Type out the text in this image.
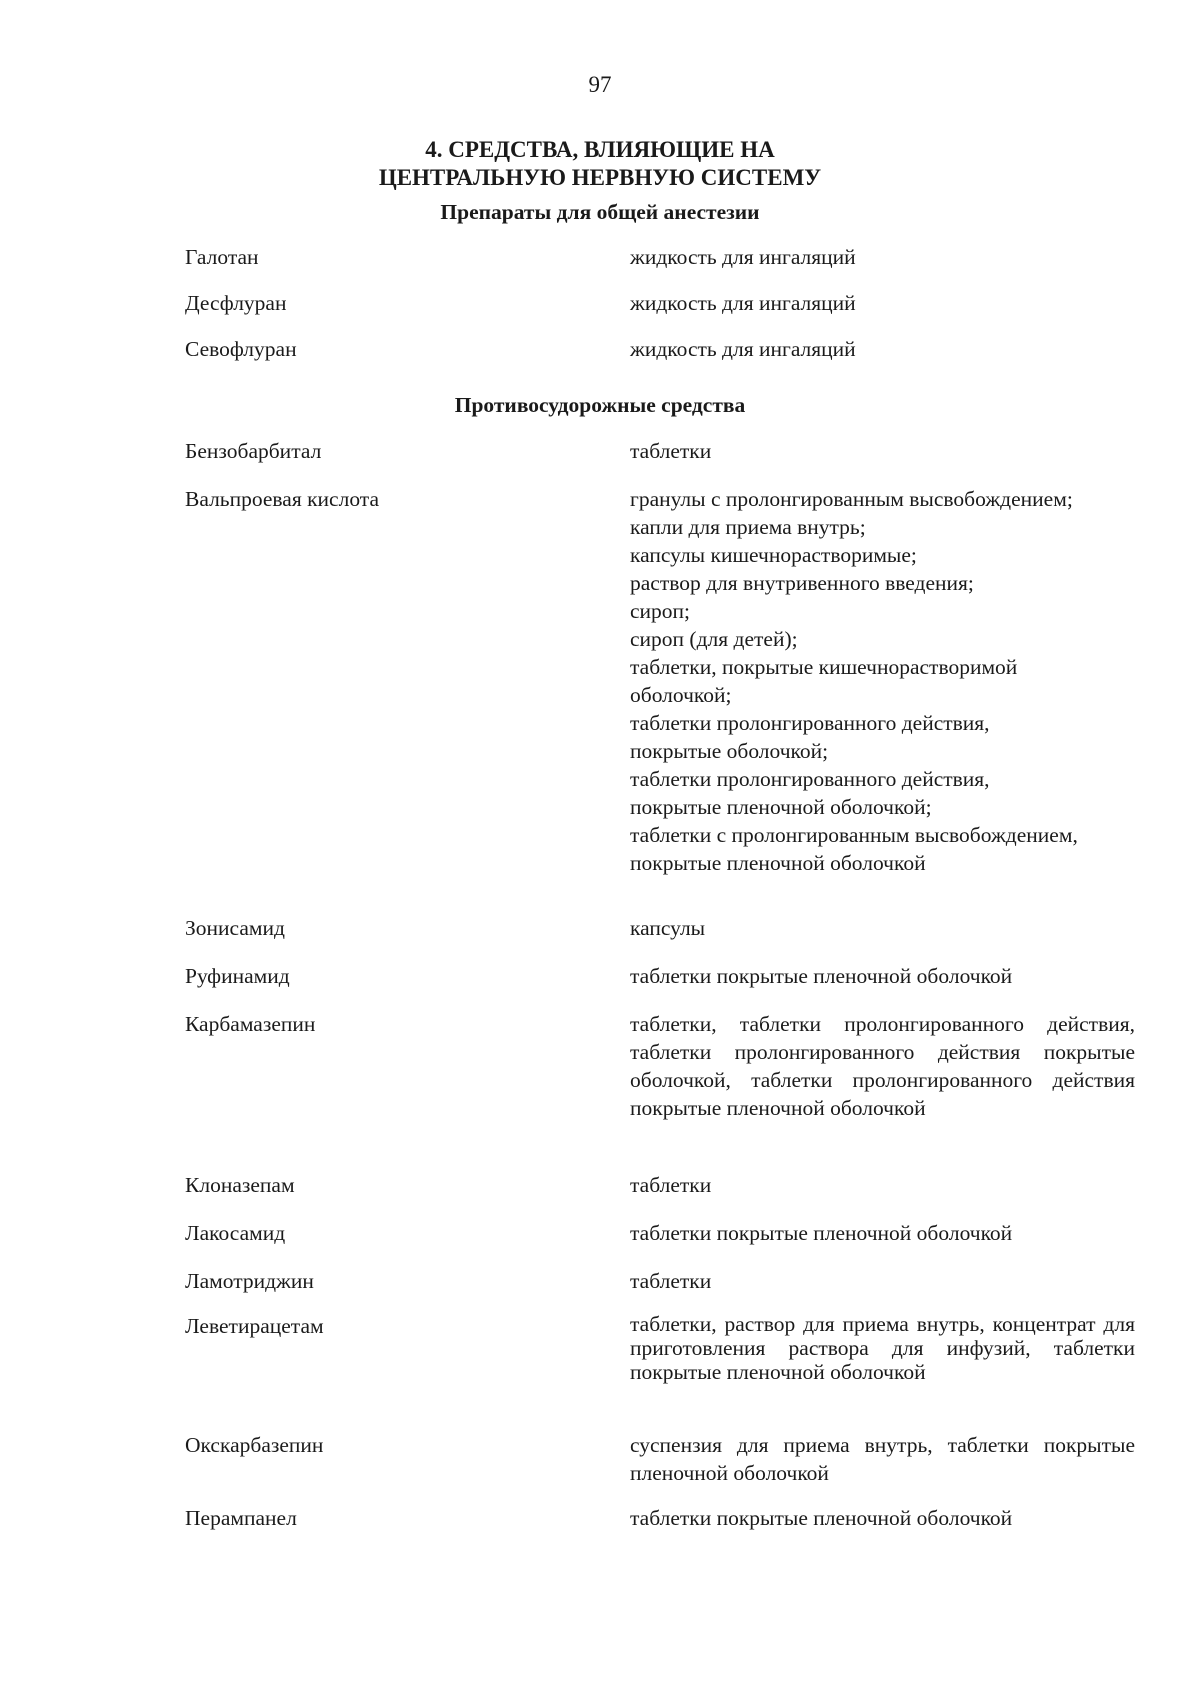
97
4. СРЕДСТВА, ВЛИЯЮЩИЕ НА
ЦЕНТРАЛЬНУЮ НЕРВНУЮ СИСТЕМУ
Препараты для общей анестезии
Галотан	жидкость для ингаляций
Десфлуран	жидкость для ингаляций
Севофлуран	жидкость для ингаляций
Противосудорожные средства
Бензобарбитал	таблетки
Вальпроевая кислота	гранулы с пролонгированным высвобождением;
капли для приема внутрь;
капсулы кишечнорастворимые;
раствор для внутривенного введения;
сироп;
сироп (для детей);
таблетки, покрытые кишечнорастворимой
оболочкой;
таблетки пролонгированного действия,
покрытые оболочкой;
таблетки пролонгированного действия,
покрытые пленочной оболочкой;
таблетки с пролонгированным высвобождением,
покрытые пленочной оболочкой
Зонисамид	капсулы
Руфинамид	таблетки покрытые пленочной оболочкой
Карбамазепин	таблетки, таблетки пролонгированного действия, таблетки пролонгированного действия покрытые оболочкой, таблетки пролонгированного действия покрытые пленочной оболочкой
Клоназепам	таблетки
Лакосамид	таблетки покрытые пленочной оболочкой
Ламотриджин	таблетки
Леветирацетам	таблетки, раствор для приема внутрь, концентрат для приготовления раствора для инфузий, таблетки покрытые пленочной оболочкой
Окскарбазепин	суспензия для приема внутрь, таблетки покрытые пленочной оболочкой
Перампанел	таблетки покрытые пленочной оболочкой
